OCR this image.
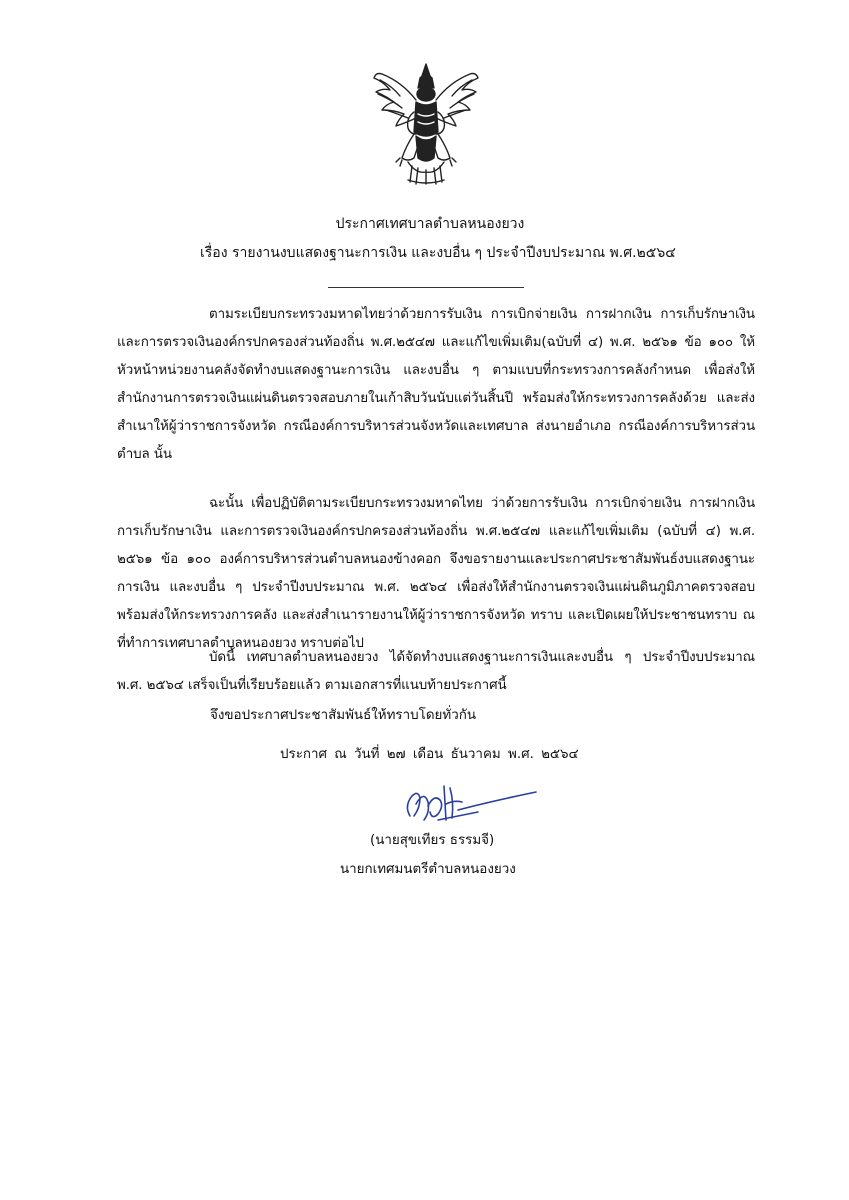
ประกาศเทศบาลตำบลหนองยวง
เรื่อง รายงานงบแสดงฐานะการเงิน และงบอื่น ๆ ประจำปีงบประมาณ พ.ศ.๒๕๖๔

ตามระเบียบกระทรวงมหาดไทยว่าด้วยการรับเงิน การเบิกจ่ายเงิน การฝากเงิน การเก็บรักษาเงิน และการตรวจเงินองค์กรปกครองส่วนท้องถิ่น พ.ศ.๒๕๔๗ และแก้ไขเพิ่มเติม(ฉบับที่ ๔) พ.ศ. ๒๕๖๑ ข้อ ๑๐๐ ให้หัวหน้าหน่วยงานคลังจัดทำงบแสดงฐานะการเงิน และงบอื่น ๆ ตามแบบที่กระทรวงการคลังกำหนด เพื่อส่งให้สำนักงานการตรวจเงินแผ่นดินตรวจสอบภายในเก้าสิบวันนับแต่วันสิ้นปี พร้อมส่งให้กระทรวงการคลังด้วย และส่งสำเนาให้ผู้ว่าราชการจังหวัด กรณีองค์การบริหารส่วนจังหวัดและเทศบาล ส่งนายอำเภอ กรณีองค์การบริหารส่วนตำบล นั้น

ฉะนั้น เพื่อปฏิบัติตามระเบียบกระทรวงมหาดไทย ว่าด้วยการรับเงิน การเบิกจ่ายเงิน การฝากเงิน การเก็บรักษาเงิน และการตรวจเงินองค์กรปกครองส่วนท้องถิ่น พ.ศ.๒๕๔๗ และแก้ไขเพิ่มเติม (ฉบับที่ ๔) พ.ศ. ๒๕๖๑ ข้อ ๑๐๐ องค์การบริหารส่วนตำบลหนองข้างคอก จึงขอรายงานและประกาศประชาสัมพันธ์งบแสดงฐานะการเงิน และงบอื่น ๆ ประจำปีงบประมาณ พ.ศ. ๒๕๖๔ เพื่อส่งให้สำนักงานตรวจเงินแผ่นดินภูมิภาคตรวจสอบ พร้อมส่งให้กระทรวงการคลัง และส่งสำเนารายงานให้ผู้ว่าราชการจังหวัด ทราบ และเปิดเผยให้ประชาชนทราบ ณ ที่ทำการเทศบาลตำบลหนองยวง ทราบต่อไป

บัดนี้ เทศบาลตำบลหนองยวง ได้จัดทำงบแสดงฐานะการเงินและงบอื่น ๆ ประจำปีงบประมาณ พ.ศ. ๒๕๖๔ เสร็จเป็นที่เรียบร้อยแล้ว ตามเอกสารที่แนบท้ายประกาศนี้

จึงขอประกาศประชาสัมพันธ์ให้ทราบโดยทั่วกัน
ประกาศ ณ วันที่ ๒๗ เดือน ธันวาคม พ.ศ. ๒๕๖๔
(นายสุขเทียร ธรรมจี)
นายกเทศมนตรีตำบลหนองยวง
